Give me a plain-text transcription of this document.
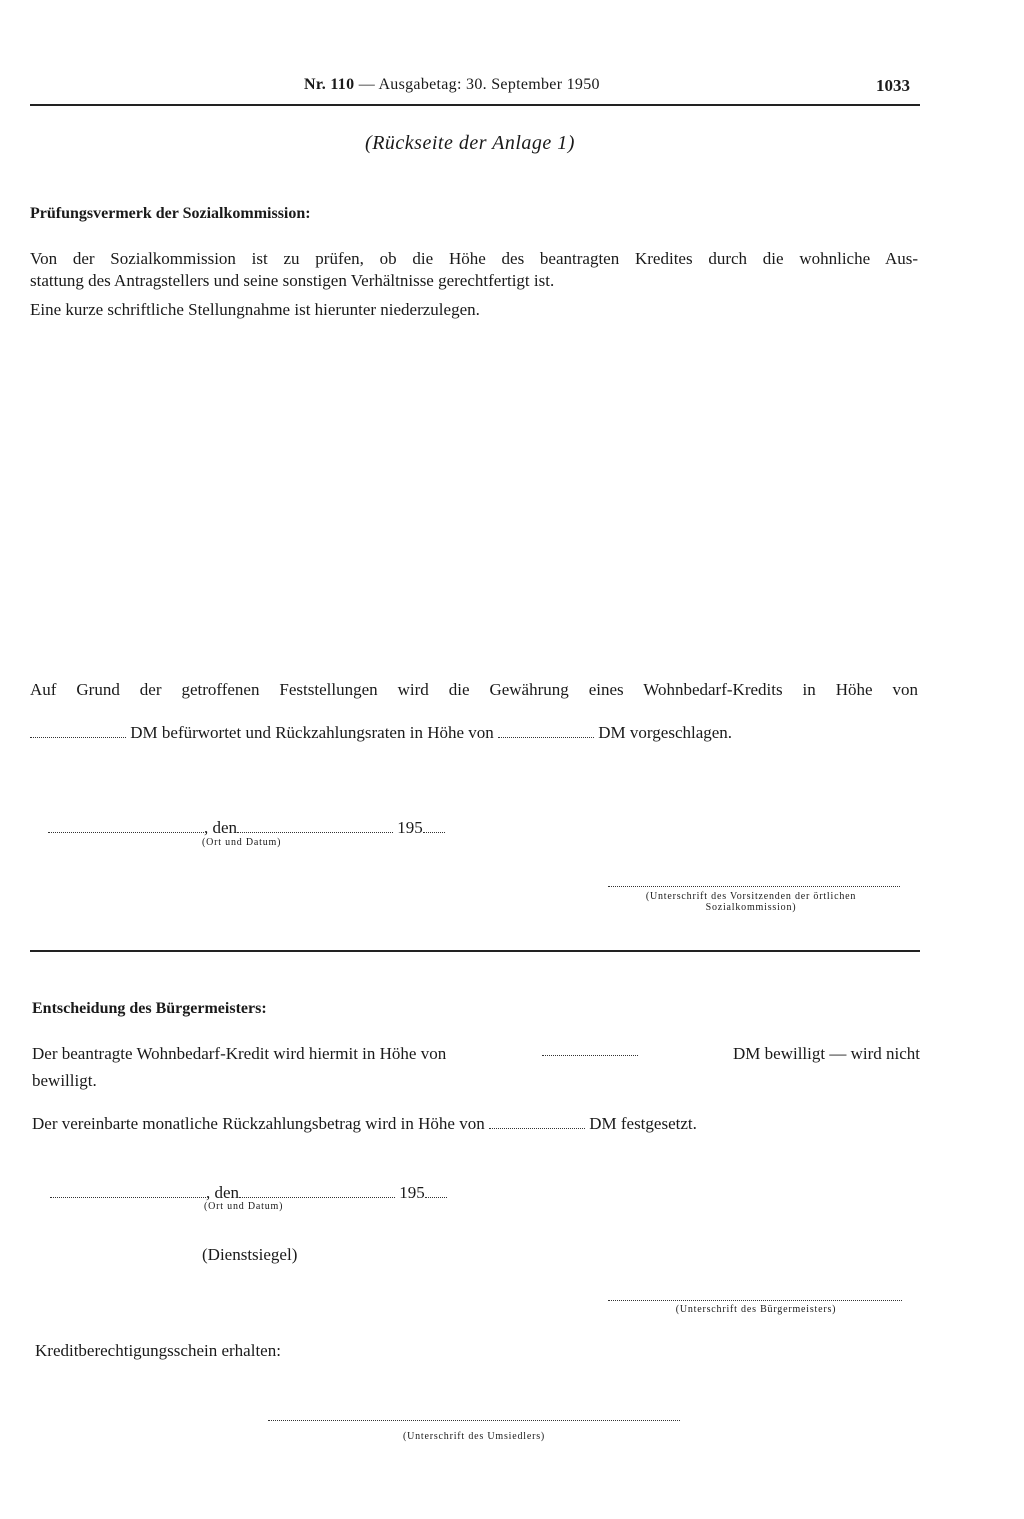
Nr. 110 — Ausgabetag: 30. September 1950	1033
(Rückseite der Anlage 1)
Prüfungsvermerk der Sozialkommission:
Von der Sozialkommission ist zu prüfen, ob die Höhe des beantragten Kredites durch die wohnliche Aus-
stattung des Antragstellers und seine sonstigen Verhältnisse gerechtfertigt ist.
Eine kurze schriftliche Stellungnahme ist hierunter niederzulegen.
Auf Grund der getroffenen Feststellungen wird die Gewährung eines Wohnbedarf-Kredits in Höhe von
DM befürwortet und Rückzahlungsraten in Höhe von	DM vorgeschlagen.
, den	195
(Ort und Datum)
(Unterschrift des Vorsitzenden der örtlichen
Sozialkommission)
Entscheidung des Bürgermeisters:
Der beantragte Wohnbedarf-Kredit wird hiermit in Höhe von	DM bewilligt — wird nicht
bewilligt.
Der vereinbarte monatliche Rückzahlungsbetrag wird in Höhe von	DM festgesetzt.
, den	195
(Ort und Datum)
(Dienstsiegel)
(Unterschrift des Bürgermeisters)
Kreditberechtigungsschein erhalten:
(Unterschrift des Umsiedlers)
